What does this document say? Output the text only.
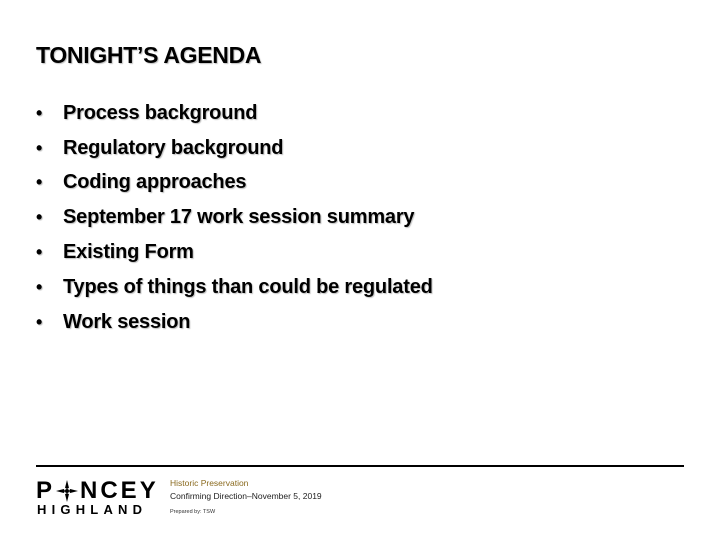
TONIGHT’S AGENDA
•	Process background
•	Regulatory background
•	Coding approaches
•	September 17 work session summary
•	Existing Form
•	Types of things than could be regulated
•	Work session
P NCEY
HIGHLAND
Historic Preservation
Confirming Direction–November 5, 2019
Prepared by: TSW
